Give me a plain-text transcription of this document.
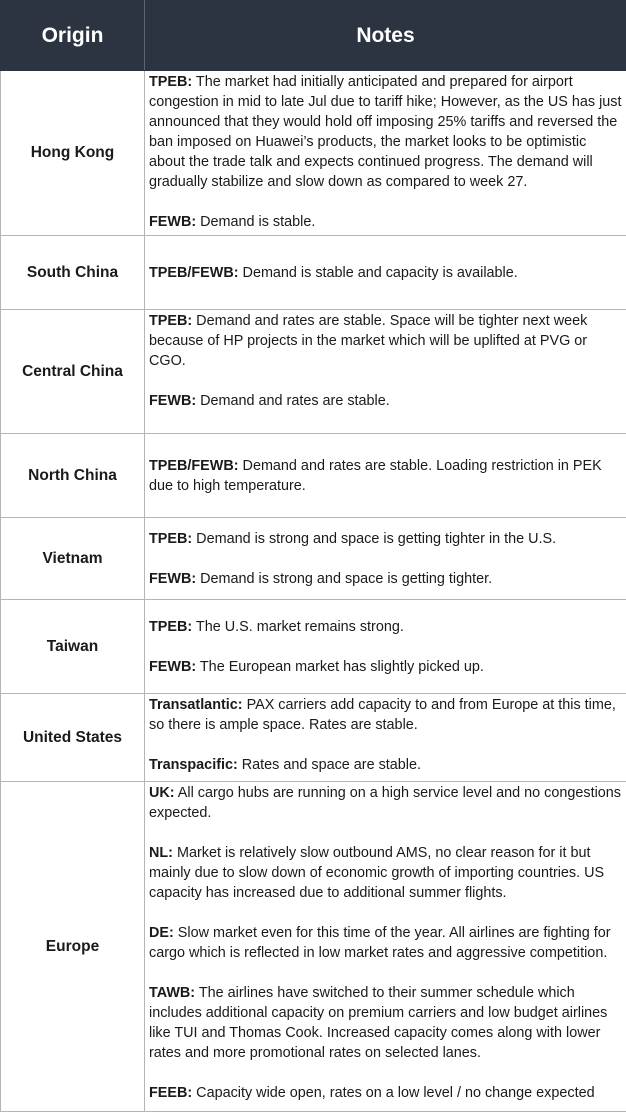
Origin	Notes
Hong Kong	TPEB: The market had initially anticipated and prepared for airport congestion in mid to late Jul due to tariff hike; However, as the US has just announced that they would hold off imposing 25% tariffs and reversed the ban imposed on Huawei’s products, the market looks to be optimistic about the trade talk and expects continued progress. The demand will gradually stabilize and slow down as compared to week 27.

FEWB: Demand is stable.

South China	TPEB/FEWB: Demand is stable and capacity is available.

Central China	TPEB: Demand and rates are stable. Space will be tighter next week because of HP projects in the market which will be uplifted at PVG or CGO.

FEWB: Demand and rates are stable.

North China	TPEB/FEWB: Demand and rates are stable. Loading restriction in PEK due to high temperature.

Vietnam	TPEB: Demand is strong and space is getting tighter in the U.S.

FEWB: Demand is strong and space is getting tighter.

Taiwan	TPEB: The U.S. market remains strong.

FEWB: The European market has slightly picked up.

United States	Transatlantic: PAX carriers add capacity to and from Europe at this time, so there is ample space. Rates are stable.

Transpacific: Rates and space are stable.

Europe	UK: All cargo hubs are running on a high service level and no congestions expected.

NL: Market is relatively slow outbound AMS, no clear reason for it but mainly due to slow down of economic growth of importing countries. US capacity has increased due to additional summer flights.

DE: Slow market even for this time of the year. All airlines are fighting for cargo which is reflected in low market rates and aggressive competition.

TAWB: The airlines have switched to their summer schedule which includes additional capacity on premium carriers and low budget airlines like TUI and Thomas Cook. Increased capacity comes along with lower rates and more promotional rates on selected lanes.

FEEB: Capacity wide open, rates on a low level / no change expected
